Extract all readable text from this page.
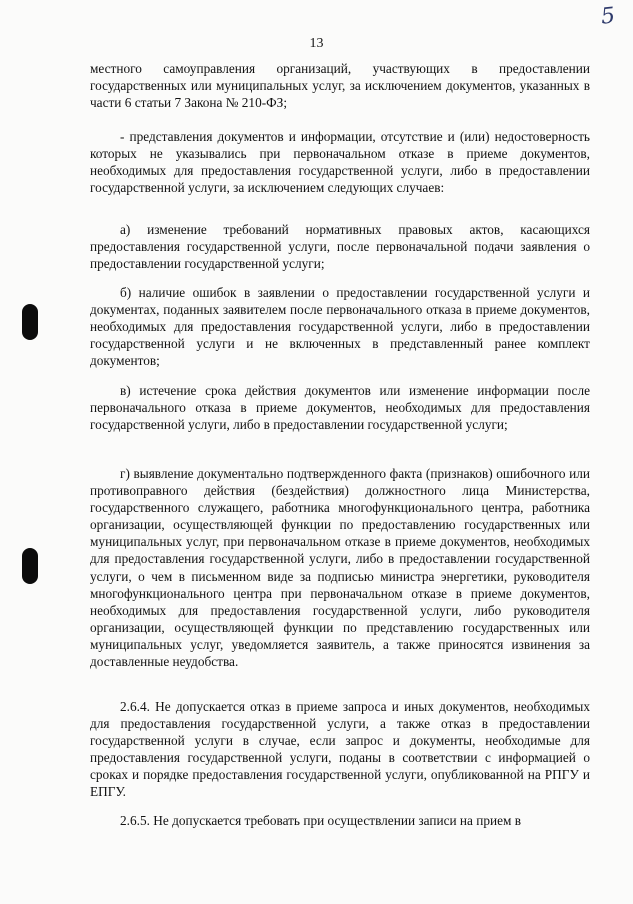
5
13

местного самоуправления организаций, участвующих в предоставлении государственных или муниципальных услуг, за исключением документов, указанных в части 6 статьи 7 Закона № 210-ФЗ;

- представления документов и информации, отсутствие и (или) недостоверность которых не указывались при первоначальном отказе в приеме документов, необходимых для предоставления государственной услуги, либо в предоставлении государственной услуги, за исключением следующих случаев:

а) изменение требований нормативных правовых актов, касающихся предоставления государственной услуги, после первоначальной подачи заявления о предоставлении государственной услуги;

б) наличие ошибок в заявлении о предоставлении государственной услуги и документах, поданных заявителем после первоначального отказа в приеме документов, необходимых для предоставления государственной услуги, либо в предоставлении государственной услуги и не включенных в представленный ранее комплект документов;

в) истечение срока действия документов или изменение информации после первоначального отказа в приеме документов, необходимых для предоставления государственной услуги, либо в предоставлении государственной услуги;

г) выявление документально подтвержденного факта (признаков) ошибочного или противоправного действия (бездействия) должностного лица Министерства, государственного служащего, работника многофункционального центра, работника организации, осуществляющей функции по предоставлению государственных или муниципальных услуг, при первоначальном отказе в приеме документов, необходимых для предоставления государственной услуги, либо в предоставлении государственной услуги, о чем в письменном виде за подписью министра энергетики, руководителя многофункционального центра при первоначальном отказе в приеме документов, необходимых для предоставления государственной услуги, либо руководителя организации, осуществляющей функции по представлению государственных или муниципальных услуг, уведомляется заявитель, а также приносятся извинения за доставленные неудобства.

2.6.4. Не допускается отказ в приеме запроса и иных документов, необходимых для предоставления государственной услуги, а также отказ в предоставлении государственной услуги в случае, если запрос и документы, необходимые для предоставления государственной услуги, поданы в соответствии с информацией о сроках и порядке предоставления государственной услуги, опубликованной на РПГУ и ЕПГУ.

2.6.5. Не допускается требовать при осуществлении записи на прием в
